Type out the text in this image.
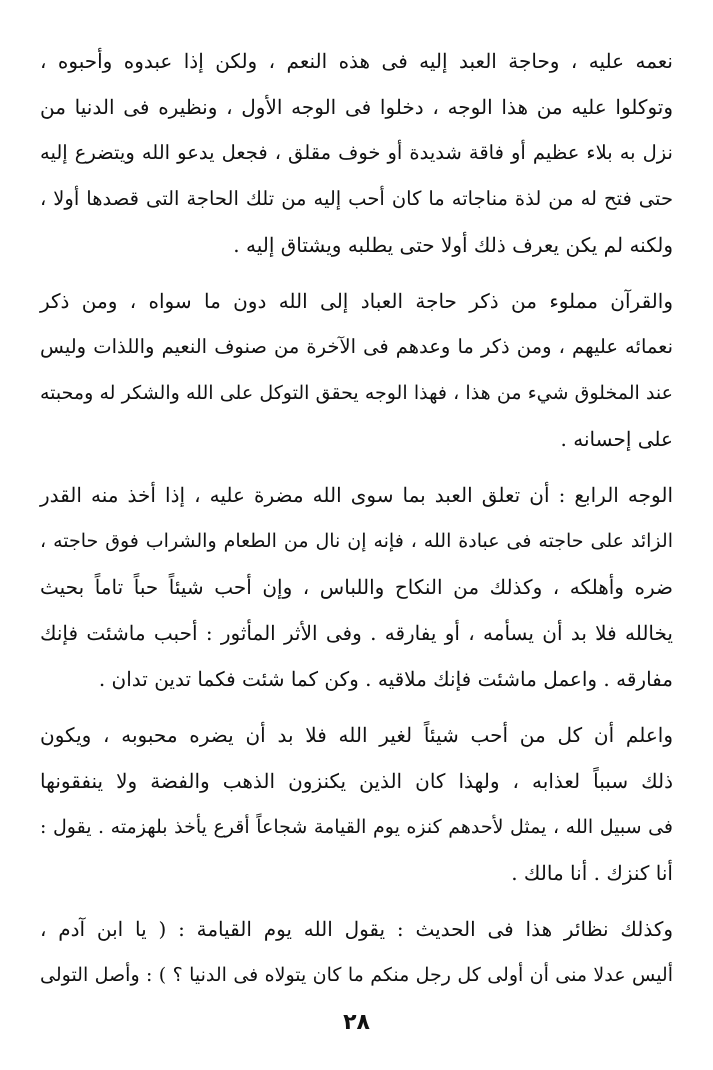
نعمه عليه ، وحاجة العبد إليه فى هذه النعم ، ولكن إذا عبدوه وأحبوه ،
وتوكلوا عليه من هذا الوجه ، دخلوا فى الوجه الأول ، ونظيره فى الدنيا من
نزل به بلاء عظيم أو فاقة شديدة أو خوف مقلق ، فجعل يدعو الله ويتضرع إليه
حتى فتح له من لذة مناجاته ما كان أحب إليه من تلك الحاجة التى قصدها أولا ،
ولكنه لم يكن يعرف ذلك أولا حتى يطلبه ويشتاق إليه .
والقرآن مملوء من ذكر حاجة العباد إلى الله دون ما سواه ، ومن ذكر
نعمائه عليهم ، ومن ذكر ما وعدهم فى الآخرة من صنوف النعيم واللذات وليس
عند المخلوق شيء من هذا ، فهذا الوجه يحقق التوكل على الله والشكر له ومحبته
على إحسانه .
الوجه الرابع : أن تعلق العبد بما سوى الله مضرة عليه ، إذا أخذ منه القدر
الزائد على حاجته فى عبادة الله ، فإنه إن نال من الطعام والشراب فوق حاجته ،
ضره وأهلكه ، وكذلك من النكاح واللباس ، وإن أحب شيئاً حباً تاماً بحيث
يخالله فلا بد أن يسأمه ، أو يفارقه . وفى الأثر المأثور : أحبب ماشئت فإنك
مفارقه . واعمل ماشئت فإنك ملاقيه . وكن كما شئت فكما تدين تدان .
واعلم أن كل من أحب شيئاً لغير الله فلا بد أن يضره محبوبه ، ويكون
ذلك سبباً لعذابه ، ولهذا كان الذين يكنزون الذهب والفضة ولا ينفقونها
فى سبيل الله ، يمثل لأحدهم كنزه يوم القيامة شجاعاً أقرع يأخذ بلهزمته . يقول :
أنا كنزك . أنا مالك .
وكذلك نظائر هذا فى الحديث : يقول الله يوم القيامة : ( يا ابن آدم ،
أليس عدلا منى أن أولى كل رجل منكم ما كان يتولاه فى الدنيا ؟ ) : وأصل التولى
٢٨
